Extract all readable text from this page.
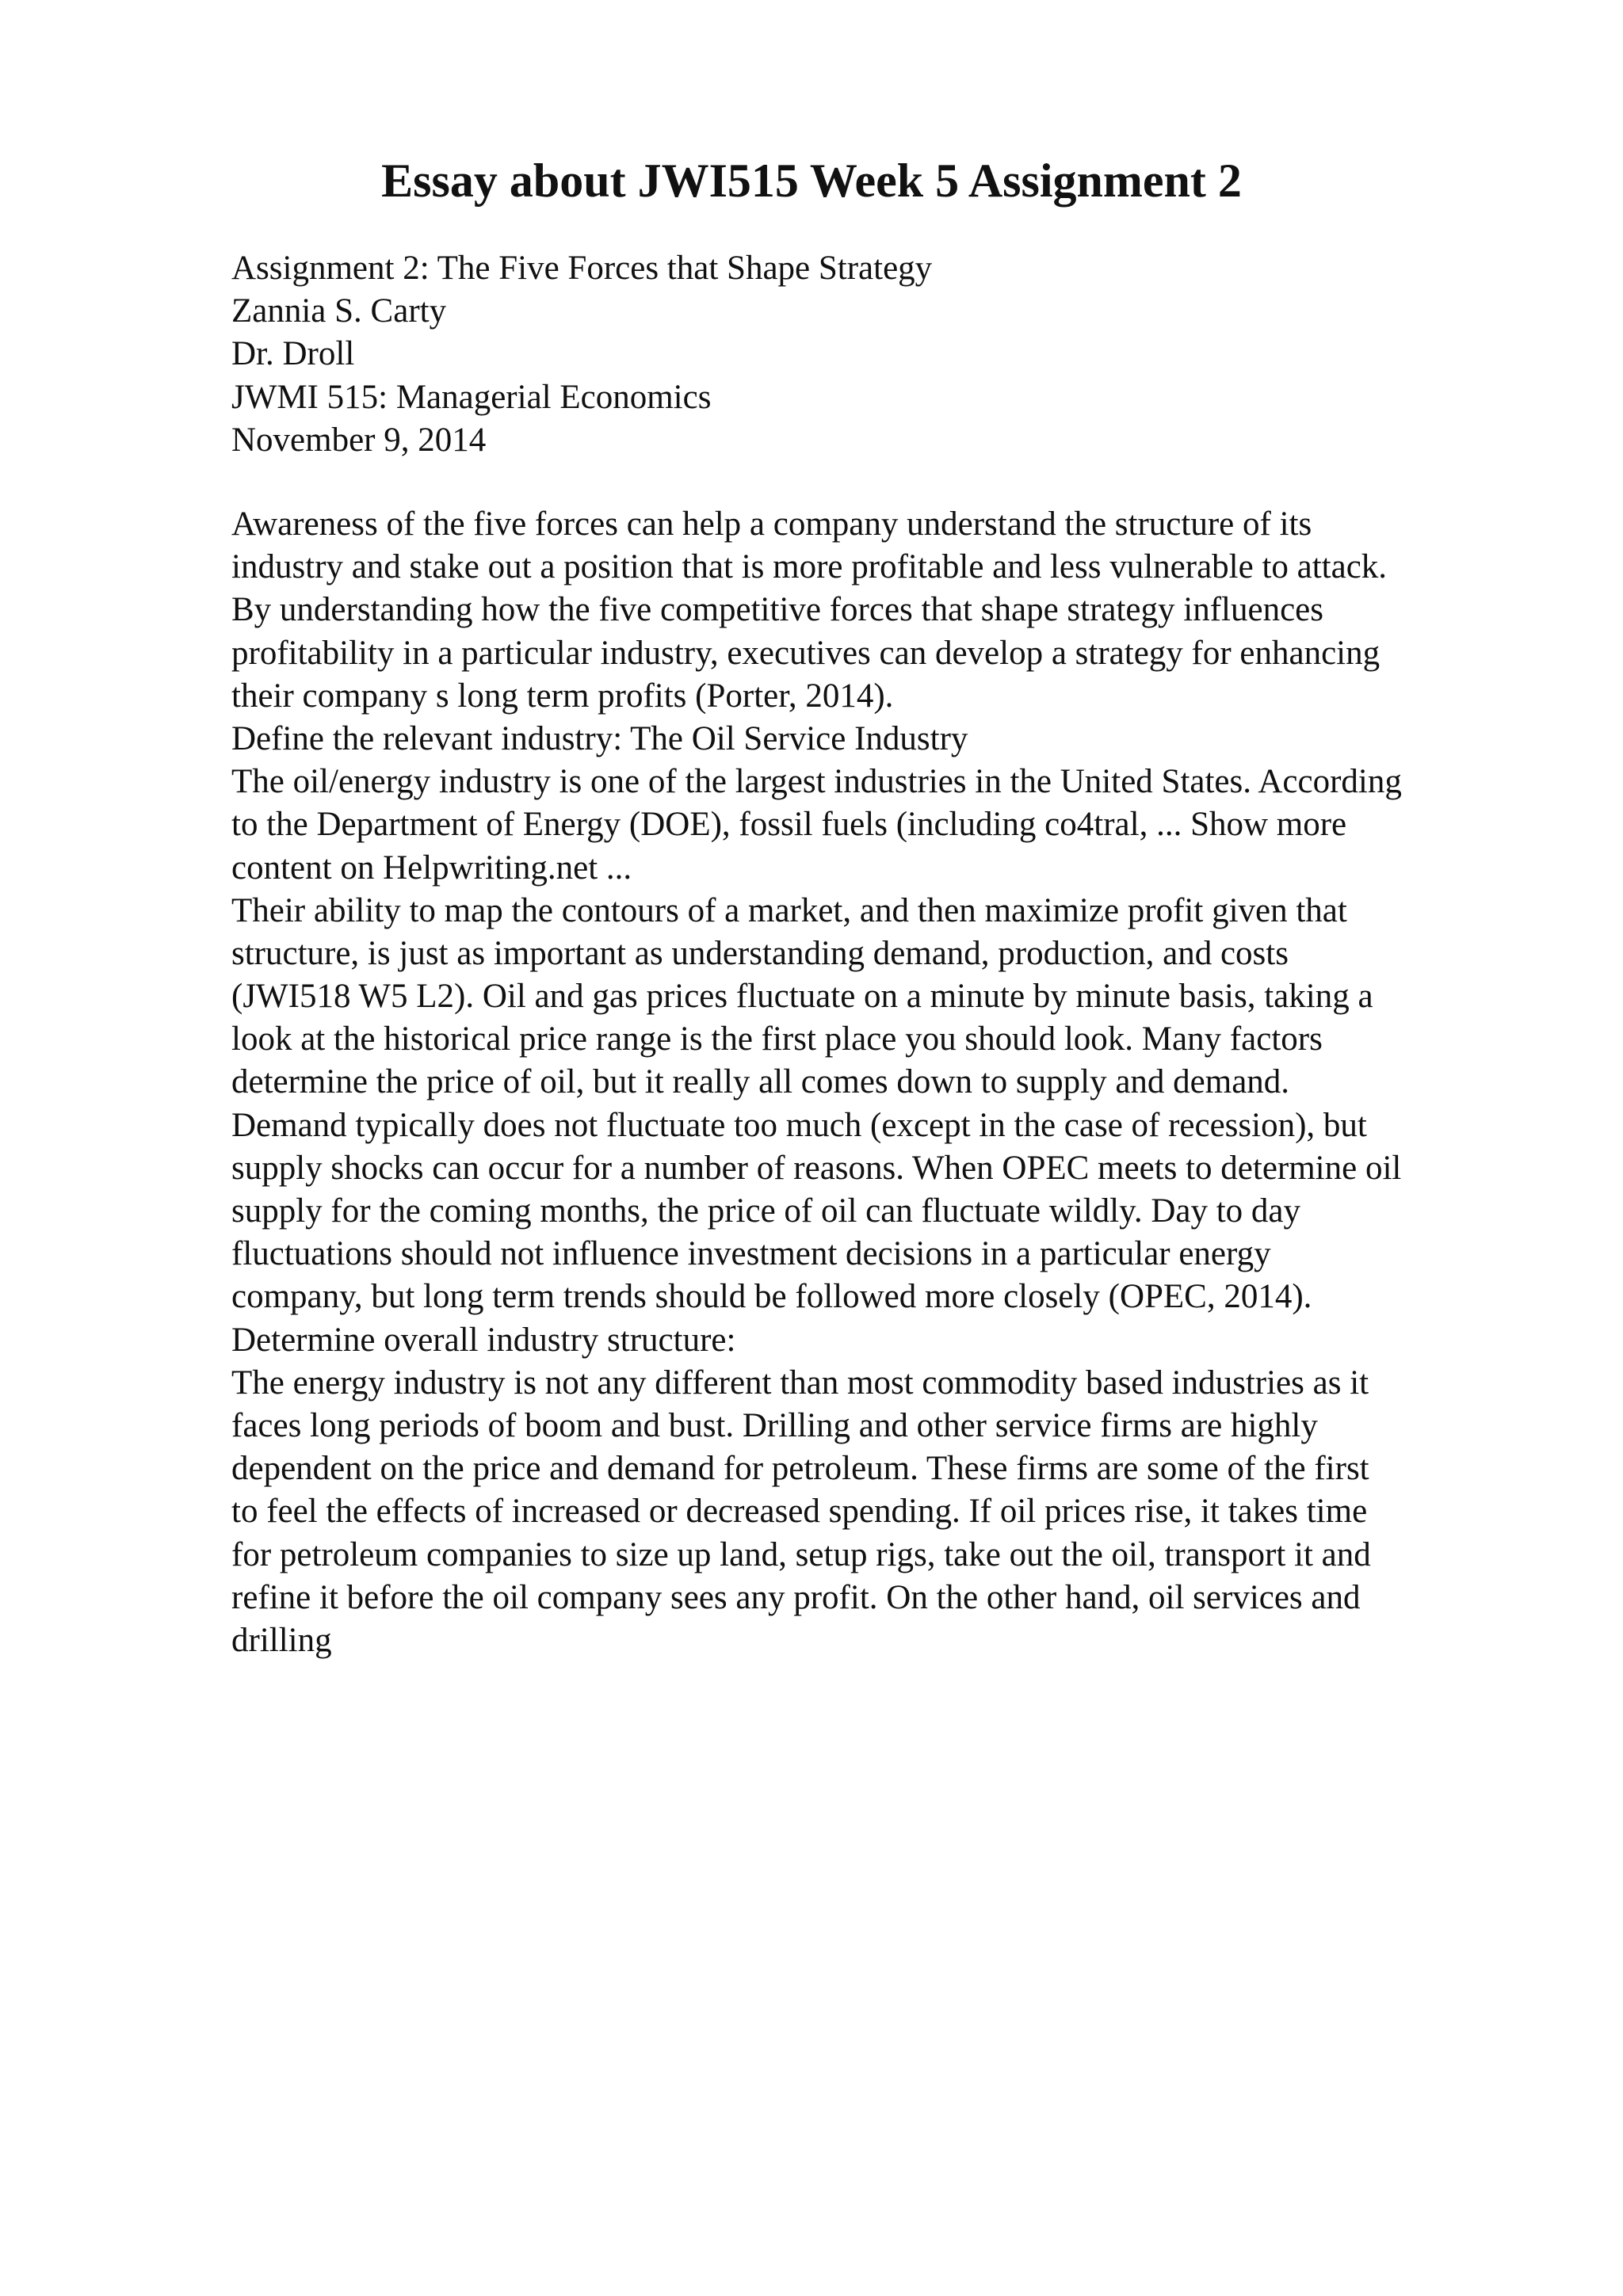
Essay about JWI515 Week 5 Assignment 2
Assignment 2: The Five Forces that Shape Strategy
Zannia S. Carty
Dr. Droll
JWMI 515: Managerial Economics
November 9, 2014
Awareness of the five forces can help a company understand the structure of its
industry and stake out a position that is more profitable and less vulnerable to attack.
By understanding how the five competitive forces that shape strategy influences
profitability in a particular industry, executives can develop a strategy for enhancing
their company s long term profits (Porter, 2014).
Define the relevant industry: The Oil Service Industry
The oil/energy industry is one of the largest industries in the United States. According
to the Department of Energy (DOE), fossil fuels (including co4tral, ... Show more
content on Helpwriting.net ...
Their ability to map the contours of a market, and then maximize profit given that
structure, is just as important as understanding demand, production, and costs
(JWI518 W5 L2). Oil and gas prices fluctuate on a minute by minute basis, taking a
look at the historical price range is the first place you should look. Many factors
determine the price of oil, but it really all comes down to supply and demand.
Demand typically does not fluctuate too much (except in the case of recession), but
supply shocks can occur for a number of reasons. When OPEC meets to determine oil
supply for the coming months, the price of oil can fluctuate wildly. Day to day
fluctuations should not influence investment decisions in a particular energy
company, but long term trends should be followed more closely (OPEC, 2014).
Determine overall industry structure:
The energy industry is not any different than most commodity based industries as it
faces long periods of boom and bust. Drilling and other service firms are highly
dependent on the price and demand for petroleum. These firms are some of the first
to feel the effects of increased or decreased spending. If oil prices rise, it takes time
for petroleum companies to size up land, setup rigs, take out the oil, transport it and
refine it before the oil company sees any profit. On the other hand, oil services and
drilling
